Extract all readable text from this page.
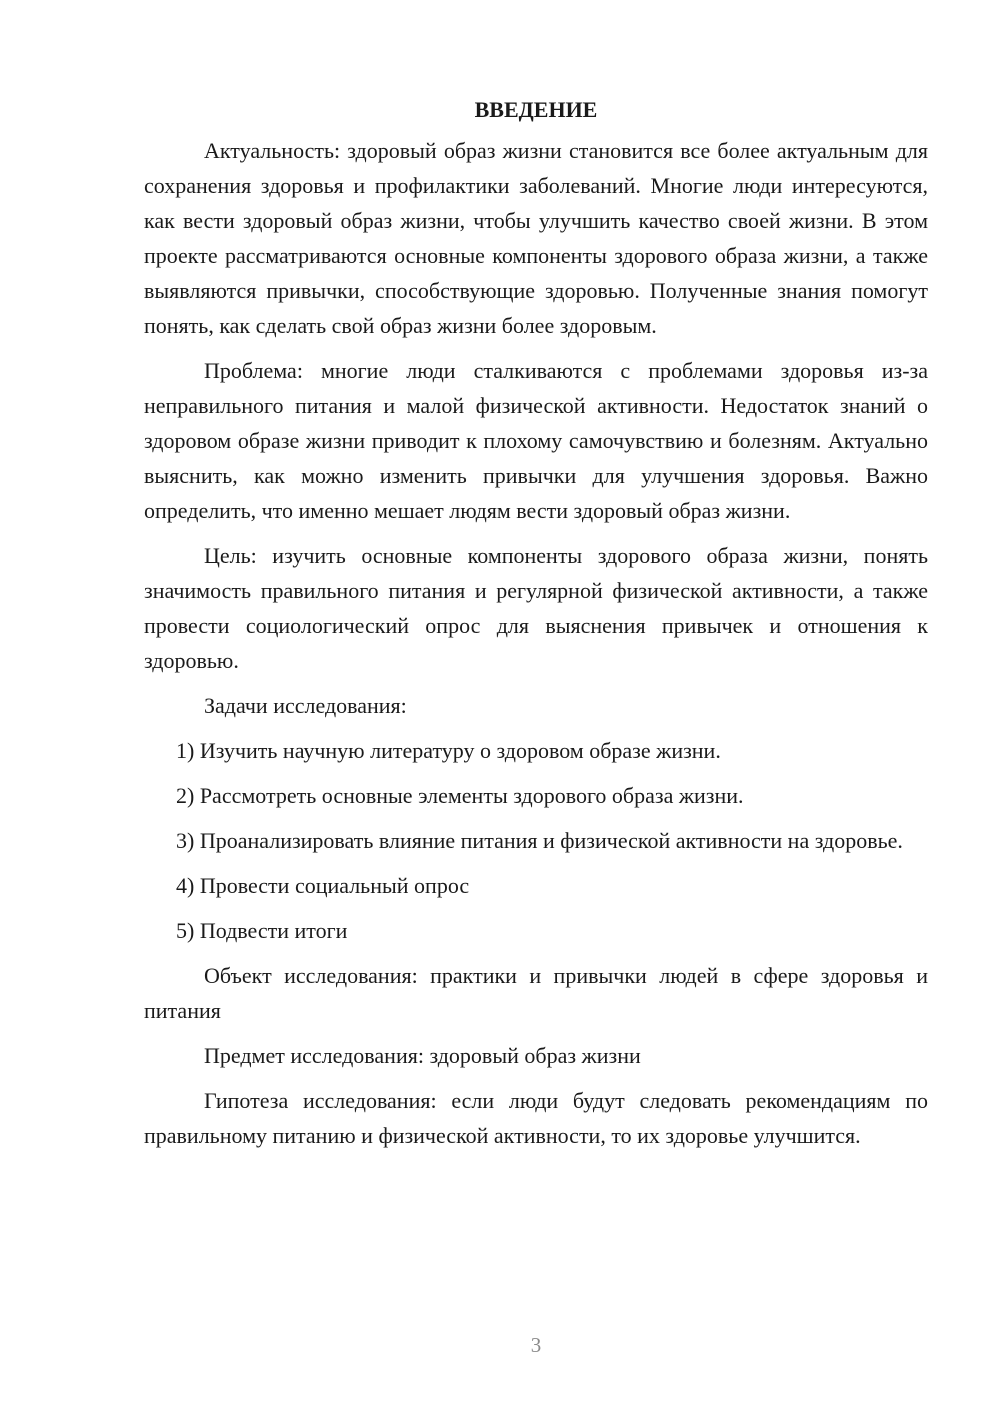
ВВЕДЕНИЕ

Актуальность: здоровый образ жизни становится все более актуальным для сохранения здоровья и профилактики заболеваний. Многие люди интересуются, как вести здоровый образ жизни, чтобы улучшить качество своей жизни. В этом проекте рассматриваются основные компоненты здорового образа жизни, а также выявляются привычки, способствующие здоровью. Полученные знания помогут понять, как сделать свой образ жизни более здоровым.

Проблема: многие люди сталкиваются с проблемами здоровья из-за неправильного питания и малой физической активности. Недостаток знаний о здоровом образе жизни приводит к плохому самочувствию и болезням. Актуально выяснить, как можно изменить привычки для улучшения здоровья. Важно определить, что именно мешает людям вести здоровый образ жизни.

Цель: изучить основные компоненты здорового образа жизни, понять значимость правильного питания и регулярной физической активности, а также провести социологический опрос для выяснения привычек и отношения к здоровью.

Задачи исследования:

1) Изучить научную литературу о здоровом образе жизни.

2) Рассмотреть основные элементы здорового образа жизни.

3) Проанализировать влияние питания и физической активности на здоровье.

4) Провести социальный опрос

5) Подвести итоги

Объект исследования: практики и привычки людей в сфере здоровья и питания

Предмет исследования: здоровый образ жизни

Гипотеза исследования: если люди будут следовать рекомендациям по правильному питанию и физической активности, то их здоровье улучшится.

3
